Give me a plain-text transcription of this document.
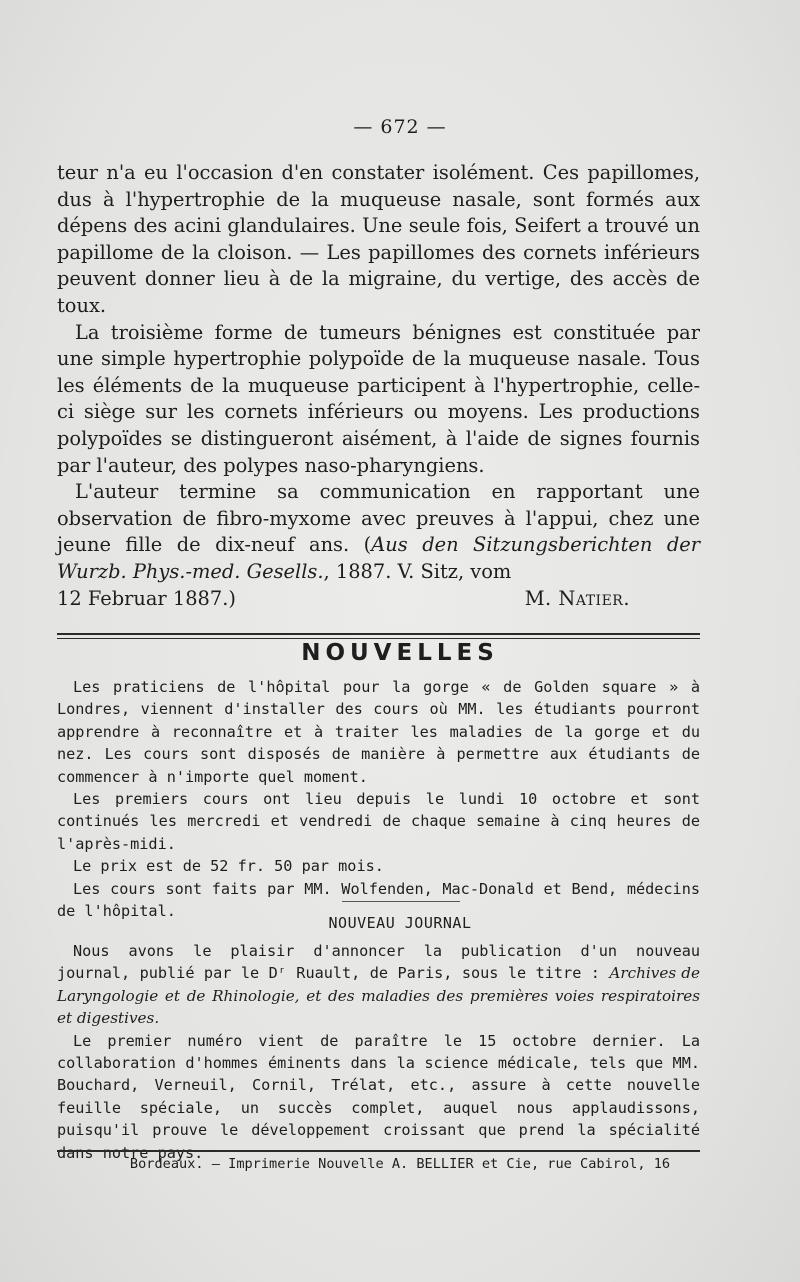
— 672 —

teur n'a eu l'occasion d'en constater isolément. Ces papillomes, dus à l'hypertrophie de la muqueuse nasale, sont formés aux dépens des acini glandulaires. Une seule fois, Seifert a trouvé un papillome de la cloison. — Les papillomes des cornets inférieurs peuvent donner lieu à de la migraine, du vertige, des accès de toux.

La troisième forme de tumeurs bénignes est constituée par une simple hypertrophie polypoïde de la muqueuse nasale. Tous les éléments de la muqueuse participent à l'hypertrophie, celle-ci siège sur les cornets inférieurs ou moyens. Les productions polypoïdes se distingueront aisément, à l'aide de signes fournis par l'auteur, des polypes naso-pharyngiens.

L'auteur termine sa communication en rapportant une observation de fibro-myxome avec preuves à l'appui, chez une jeune fille de dix-neuf ans. (Aus den Sitzungsberichten der Wurzb. Phys.-med. Gesells., 1887. V. Sitz, vom

12 Februar 1887.)	M. Natier.
NOUVELLES

Les praticiens de l'hôpital pour la gorge « de Golden square » à Londres, viennent d'installer des cours où MM. les étudiants pourront apprendre à reconnaître et à traiter les maladies de la gorge et du nez. Les cours sont disposés de manière à permettre aux étudiants de commencer à n'importe quel moment.

Les premiers cours ont lieu depuis le lundi 10 octobre et sont continués les mercredi et vendredi de chaque semaine à cinq heures de l'après-midi.

Le prix est de 52 fr. 50 par mois.

Les cours sont faits par MM. Wolfenden, Mac-Donald et Bend, médecins de l'hôpital.

NOUVEAU JOURNAL

Nous avons le plaisir d'annoncer la publication d'un nouveau journal, publié par le Dʳ Ruault, de Paris, sous le titre : Archives de Laryngologie et de Rhinologie, et des maladies des premières voies respiratoires et digestives.

Le premier numéro vient de paraître le 15 octobre dernier. La collaboration d'hommes éminents dans la science médicale, tels que MM. Bouchard, Verneuil, Cornil, Trélat, etc., assure à cette nouvelle feuille spéciale, un succès complet, auquel nous applaudissons, puisqu'il prouve le développement croissant que prend la spécialité dans notre pays.

Bordeaux. — Imprimerie Nouvelle A. BELLIER et Cie, rue Cabirol, 16
